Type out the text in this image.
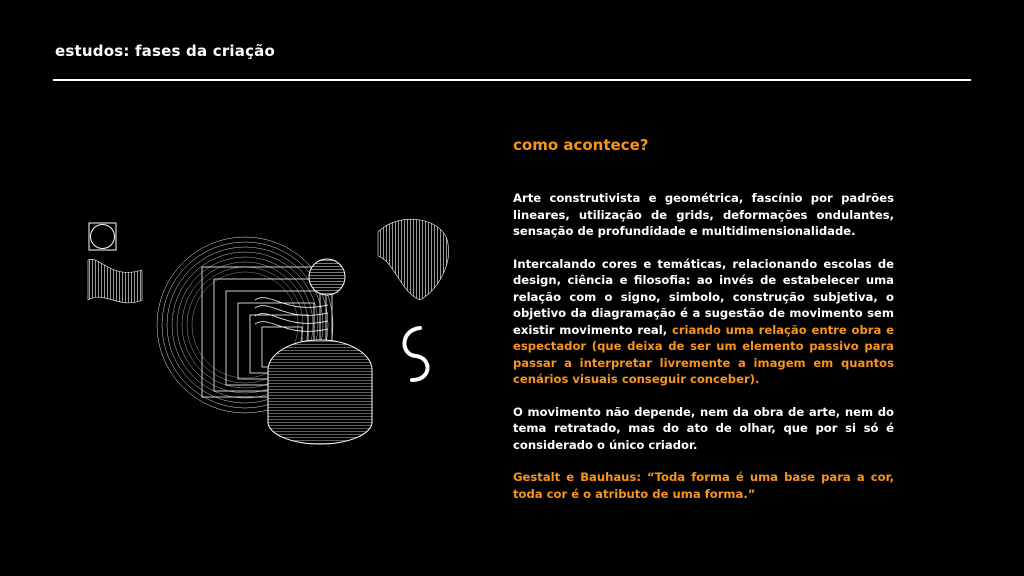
estudos: fases da criação
como acontece?

Arte construtivista e geométrica, fascínio por padrões lineares, utilização de grids, deformações ondulantes, sensação de profundidade e multidimensionalidade.

Intercalando cores e temáticas, relacionando escolas de design, ciência e filosofia: ao invés de estabelecer uma relação com o signo, simbolo, construção subjetiva, o objetivo da diagramação é a sugestão de movimento sem existir movimento real, criando uma relação entre obra e espectador (que deixa de ser um elemento passivo para passar a interpretar livremente a imagem em quantos cenários visuais conseguir conceber).

O movimento não depende, nem da obra de arte, nem do tema retratado, mas do ato de olhar, que por si só é considerado o único criador.

Gestalt e Bauhaus: “Toda forma é uma base para a cor, toda cor é o atributo de uma forma.”
